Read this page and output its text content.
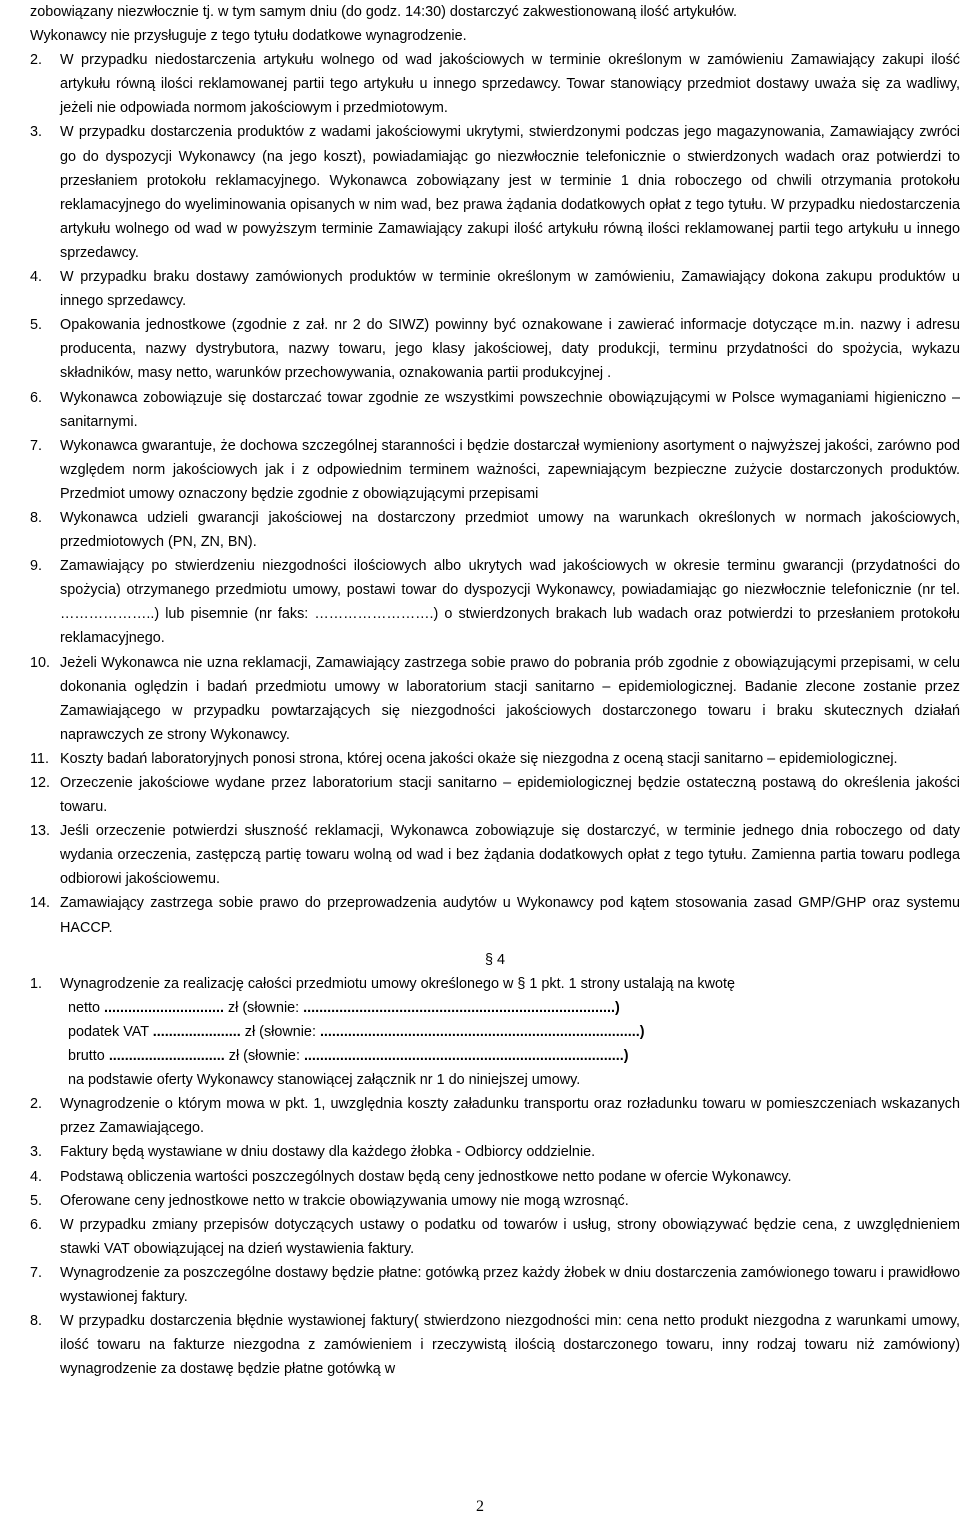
zobowiązany niezwłocznie tj. w tym samym dniu (do godz. 14:30) dostarczyć zakwestionowaną ilość artykułów.
Wykonawcy nie przysługuje z tego tytułu dodatkowe wynagrodzenie.
2.	W przypadku niedostarczenia artykułu wolnego od wad jakościowych w terminie określonym w zamówieniu Zamawiający zakupi ilość artykułu równą ilości reklamowanej partii tego artykułu u innego sprzedawcy. Towar stanowiący przedmiot dostawy uważa się za wadliwy, jeżeli nie odpowiada normom jakościowym i przedmiotowym.
3.	W przypadku dostarczenia produktów z wadami jakościowymi ukrytymi, stwierdzonymi podczas jego magazynowania, Zamawiający zwróci go do dyspozycji Wykonawcy (na jego koszt), powiadamiając go niezwłocznie telefonicznie o stwierdzonych wadach oraz potwierdzi to przesłaniem protokołu reklamacyjnego. Wykonawca zobowiązany jest w terminie 1 dnia roboczego od chwili otrzymania protokołu reklamacyjnego do wyeliminowania opisanych w nim wad, bez prawa żądania dodatkowych opłat z tego tytułu. W przypadku niedostarczenia artykułu wolnego od wad w powyższym terminie Zamawiający zakupi ilość artykułu równą ilości reklamowanej partii tego artykułu u innego sprzedawcy.
4.	W przypadku braku dostawy zamówionych produktów w terminie określonym w zamówieniu, Zamawiający dokona zakupu produktów u innego sprzedawcy.
5.	Opakowania jednostkowe (zgodnie z zał. nr 2 do SIWZ) powinny być oznakowane i zawierać informacje dotyczące m.in. nazwy i adresu producenta, nazwy dystrybutora, nazwy towaru, jego klasy jakościowej, daty produkcji, terminu przydatności do spożycia, wykazu składników, masy netto, warunków przechowywania, oznakowania partii produkcyjnej .
6.	Wykonawca zobowiązuje się dostarczać towar zgodnie ze wszystkimi powszechnie obowiązującymi w Polsce wymaganiami higieniczno – sanitarnymi.
7.	Wykonawca gwarantuje, że dochowa szczególnej staranności i będzie dostarczał wymieniony asortyment o najwyższej jakości, zarówno pod względem norm jakościowych jak i z odpowiednim terminem ważności, zapewniającym bezpieczne zużycie dostarczonych produktów. Przedmiot umowy oznaczony będzie zgodnie z obowiązującymi przepisami
8.	Wykonawca udzieli gwarancji jakościowej na dostarczony przedmiot umowy na warunkach określonych w normach jakościowych, przedmiotowych (PN, ZN, BN).
9.	Zamawiający po stwierdzeniu niezgodności ilościowych albo ukrytych wad jakościowych w okresie terminu gwarancji (przydatności do spożycia) otrzymanego przedmiotu umowy, postawi towar do dyspozycji Wykonawcy, powiadamiając go niezwłocznie telefonicznie (nr tel. ………………..) lub pisemnie (nr faks: …………………….) o stwierdzonych brakach lub wadach oraz potwierdzi to przesłaniem protokołu reklamacyjnego.
10. Jeżeli Wykonawca nie uzna reklamacji, Zamawiający zastrzega sobie prawo do pobrania prób zgodnie z obowiązującymi przepisami, w celu dokonania oględzin i badań przedmiotu umowy w laboratorium stacji sanitarno – epidemiologicznej. Badanie zlecone zostanie przez Zamawiającego w przypadku powtarzających się niezgodności jakościowych dostarczonego towaru i braku skutecznych działań naprawczych ze strony Wykonawcy.
11. Koszty badań laboratoryjnych ponosi strona, której ocena jakości okaże się niezgodna z oceną stacji sanitarno – epidemiologicznej.
12. Orzeczenie jakościowe wydane przez laboratorium stacji sanitarno – epidemiologicznej będzie ostateczną postawą do określenia jakości towaru.
13. Jeśli orzeczenie potwierdzi słuszność reklamacji, Wykonawca zobowiązuje się dostarczyć, w terminie jednego dnia roboczego od daty wydania orzeczenia, zastępczą partię towaru wolną od wad i bez żądania dodatkowych opłat z tego tytułu. Zamienna partia towaru podlega odbiorowi jakościowemu.
14. Zamawiający zastrzega sobie prawo do przeprowadzenia audytów u Wykonawcy pod kątem stosowania zasad GMP/GHP oraz systemu HACCP.
§ 4
1.	Wynagrodzenie za realizację całości przedmiotu umowy określonego w § 1 pkt. 1 strony ustalają na kwotę
netto .............................. zł (słownie: ..............................................................................)
podatek VAT ...................... zł (słownie: ................................................................................)
brutto ............................. zł (słownie: ................................................................................)
na podstawie oferty Wykonawcy stanowiącej załącznik nr 1 do niniejszej umowy.
2.	Wynagrodzenie o którym mowa w pkt. 1, uwzględnia koszty załadunku transportu oraz rozładunku towaru w pomieszczeniach wskazanych przez Zamawiającego.
3.	Faktury będą wystawiane w dniu dostawy dla każdego żłobka - Odbiorcy oddzielnie.
4.	Podstawą obliczenia wartości poszczególnych dostaw będą ceny jednostkowe netto podane w ofercie Wykonawcy.
5.	Oferowane ceny jednostkowe netto w trakcie obowiązywania umowy nie mogą wzrosnąć.
6.	W przypadku zmiany przepisów dotyczących ustawy o podatku od towarów i usług, strony obowiązywać będzie cena, z uwzględnieniem stawki VAT obowiązującej na dzień wystawienia faktury.
7.	Wynagrodzenie za poszczególne dostawy będzie płatne: gotówką przez każdy żłobek w dniu dostarczenia zamówionego towaru i prawidłowo wystawionej faktury.
8.	W przypadku dostarczenia błędnie wystawionej faktury( stwierdzono niezgodności min: cena netto produkt niezgodna z warunkami umowy, ilość towaru na fakturze niezgodna z zamówieniem i rzeczywistą ilością dostarczonego towaru, inny rodzaj towaru niż zamówiony) wynagrodzenie za dostawę będzie płatne gotówką w
2
